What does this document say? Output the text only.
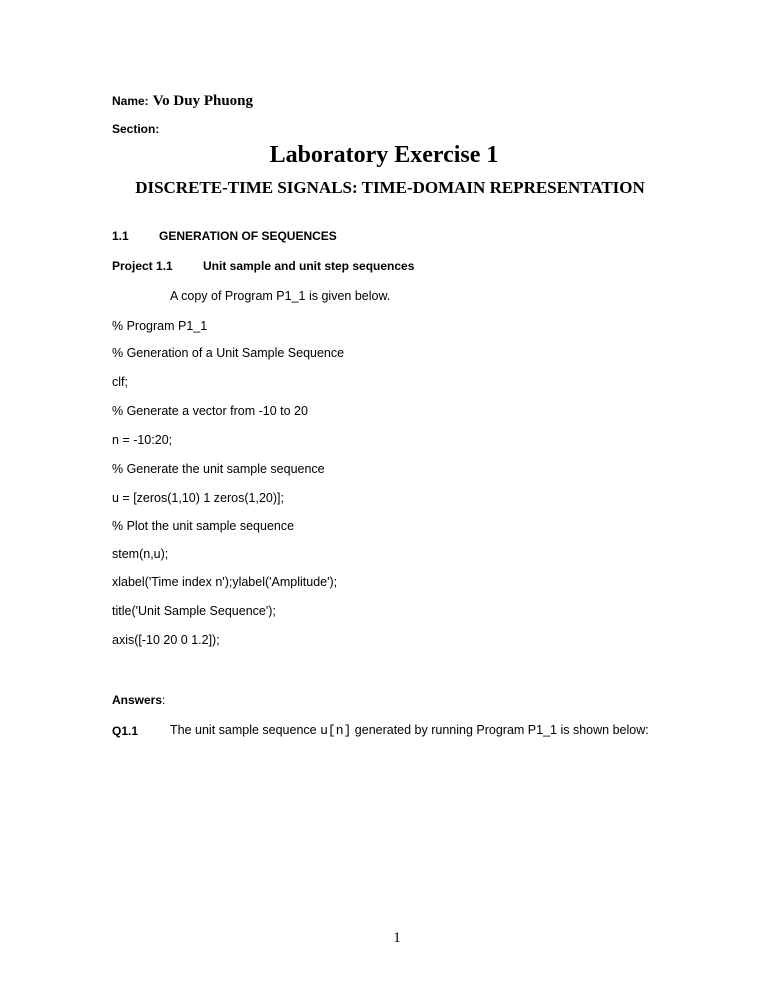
Name: Vo Duy Phuong
Section:
Laboratory Exercise 1
DISCRETE-TIME SIGNALS: TIME-DOMAIN REPRESENTATION
1.1	GENERATION OF SEQUENCES
Project 1.1	Unit sample and unit step sequences
A copy of Program P1_1 is given below.
% Program P1_1
% Generation of a Unit Sample Sequence
clf;
% Generate a vector from -10 to 20
n = -10:20;
% Generate the unit sample sequence
u = [zeros(1,10) 1 zeros(1,20)];
% Plot the unit sample sequence
stem(n,u);
xlabel('Time index n');ylabel('Amplitude');
title('Unit Sample Sequence');
axis([-10 20 0 1.2]);
Answers:
Q1.1	The unit sample sequence u[n] generated by running Program P1_1 is shown below:
1
